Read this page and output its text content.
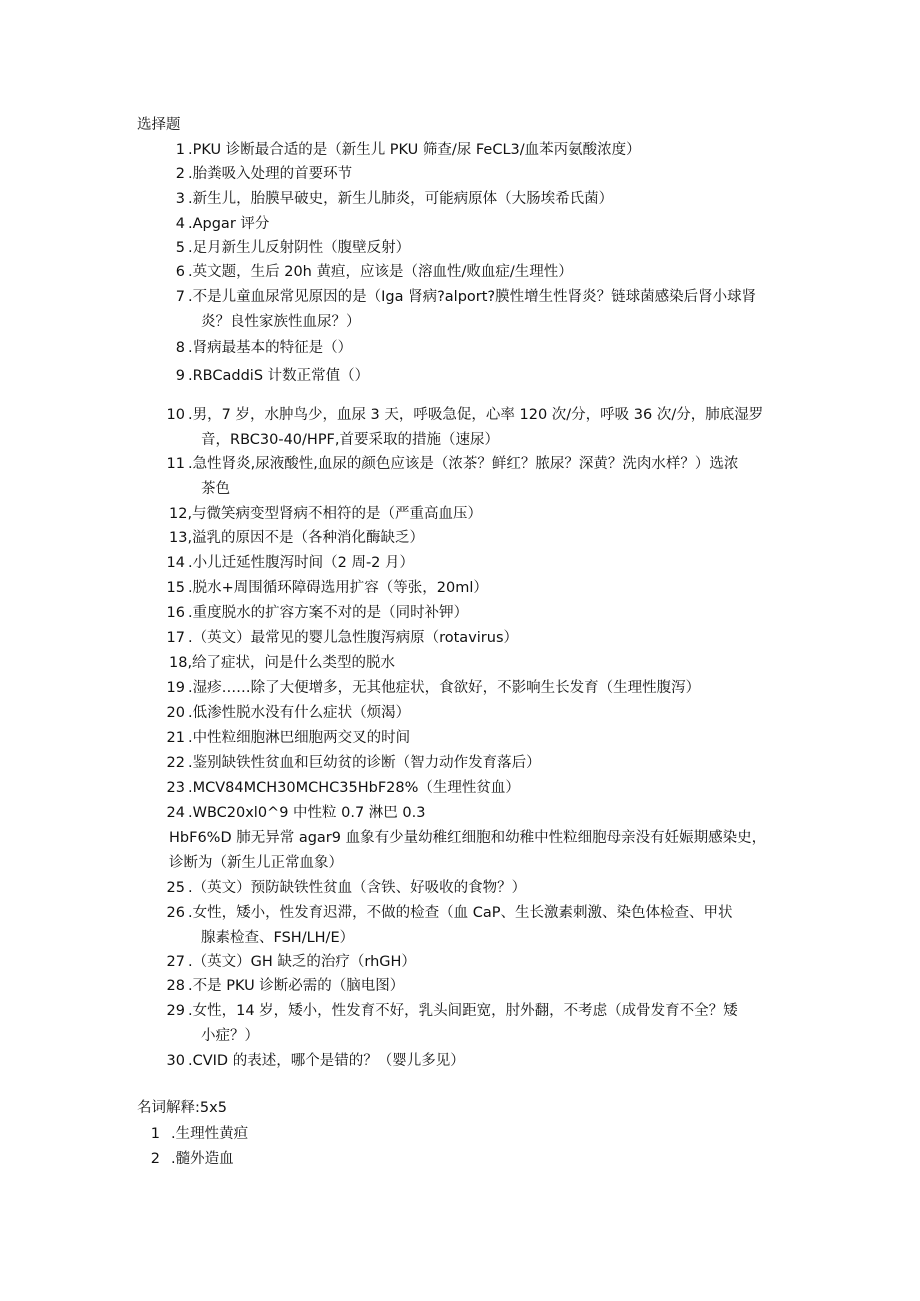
选择题
1 .PKU 诊断最合适的是（新生儿 PKU 筛查/尿 FeCL3/血苯丙氨酸浓度）
2 .胎粪吸入处理的首要环节
3 .新生儿，胎膜早破史，新生儿肺炎，可能病原体（大肠埃希氏菌）
4 .Apgar 评分
5 .足月新生儿反射阴性（腹壁反射）
6 .英文题，生后 20h 黄疸，应该是（溶血性/败血症/生理性）
7 .不是儿童血尿常见原因的是（Iga 肾病?alport?膜性增生性肾炎？链球菌感染后肾小球肾
炎？良性家族性血尿？）
8 .肾病最基本的特征是（）
9 .RBCaddiS 计数正常值（）
10 .男，7 岁，水肿鸟少，血尿 3 天，呼吸急促，心率 120 次/分，呼吸 36 次/分，肺底湿罗
音，RBC30-40/HPF,首要采取的措施（速尿）
11 .急性肾炎,尿液酸性,血尿的颜色应该是（浓茶？鲜红？脓尿？深黄？洗肉水样？）选浓
茶色
12,与微笑病变型肾病不相符的是（严重高血压）
13,溢乳的原因不是（各种消化酶缺乏）
14 .小儿迁延性腹泻时间（2 周-2 月）
15 .脱水+周围循环障碍选用扩容（等张，20ml）
16 .重度脱水的扩容方案不对的是（同时补钾）
17 .（英文）最常见的婴儿急性腹泻病原（rotavirus）
18,给了症状，问是什么类型的脱水
19 .湿疹……除了大便增多，无其他症状，食欲好，不影响生长发育（生理性腹泻）
20 .低渗性脱水没有什么症状（烦渴）
21 .中性粒细胞淋巴细胞两交叉的时间
22 .鉴别缺铁性贫血和巨幼贫的诊断（智力动作发育落后）
23 .MCV84MCH30MCHC35HbF28%（生理性贫血）
24 .WBC20xl0^9 中性粒 0.7 淋巴 0.3
HbF6%D 肺无异常 agar9 血象有少量幼稚红细胞和幼稚中性粒细胞母亲没有妊娠期感染史，
诊断为（新生儿正常血象）
25 .（英文）预防缺铁性贫血（含铁、好吸收的食物？）
26 .女性，矮小，性发育迟滞，不做的检查（血 CaP、生长激素刺激、染色体检查、甲状
腺素检查、FSH/LH/E）
27 .（英文）GH 缺乏的治疗（rhGH）
28 .不是 PKU 诊断必需的（脑电图）
29 .女性，14 岁，矮小，性发育不好，乳头间距宽，肘外翻，不考虑（成骨发育不全？矮
小症？）
30 .CVID 的表述，哪个是错的？（婴儿多见）
名词解释:5x5
1 .生理性黄疸
2 .髓外造血
